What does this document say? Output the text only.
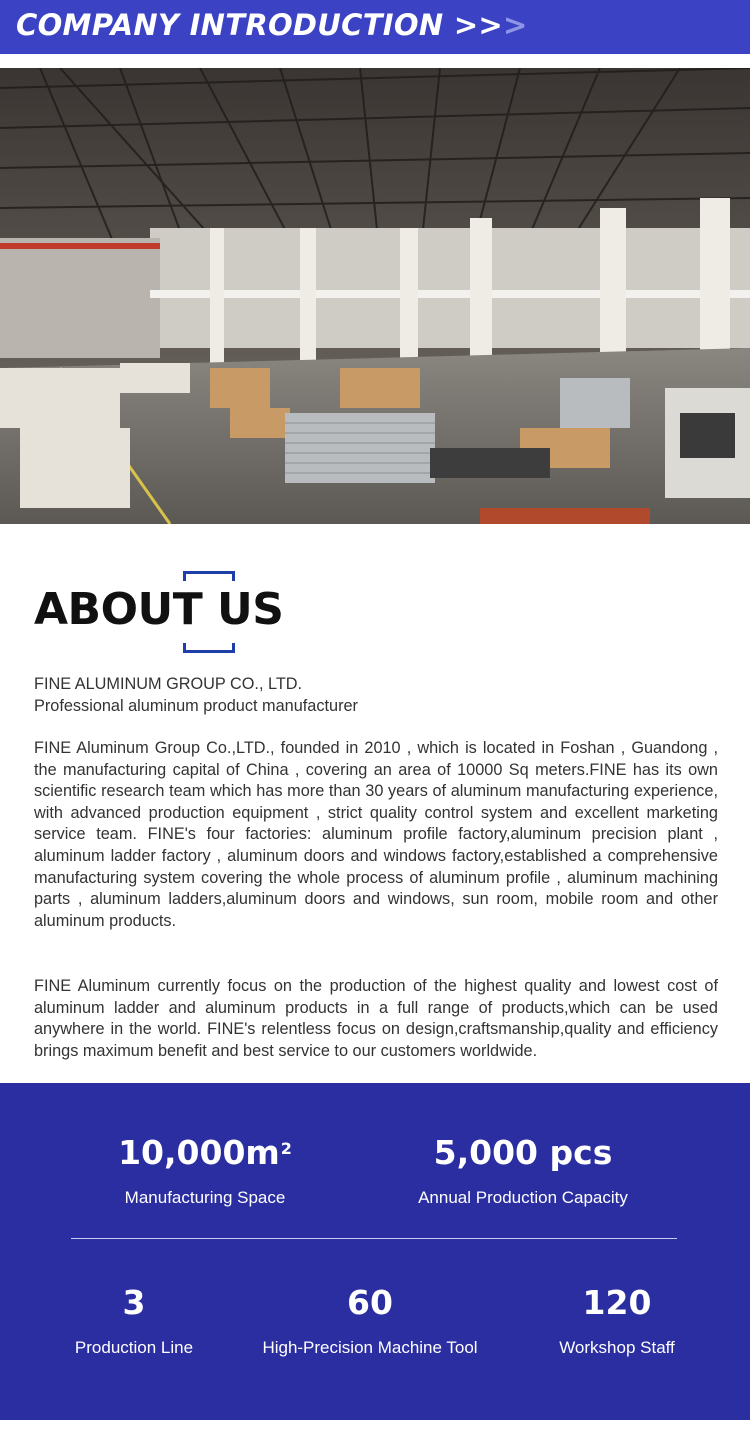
COMPANY INTRODUCTION >>>
ABOUT US
FINE ALUMINUM GROUP CO., LTD.
Professional aluminum product manufacturer
FINE Aluminum Group Co.,LTD., founded in 2010 , which is located in Foshan , Guandong , the manufacturing capital of China , covering an area of 10000 Sq meters.FINE has its own scientific research team which has more than 30 years of aluminum manufacturing experience, with advanced production equipment , strict quality control system and excellent marketing service team. FINE's four factories: aluminum profile factory,aluminum precision plant , aluminum ladder factory , aluminum doors and windows factory,established a comprehensive manufacturing system covering the whole process of aluminum profile , aluminum machining parts , aluminum ladders,aluminum doors and windows, sun room, mobile room and other aluminum products.
FINE Aluminum currently focus on the production of the highest quality and lowest cost of aluminum ladder and aluminum products in a full range of products,which can be used anywhere in the world. FINE's relentless focus on design,craftsmanship,quality and efficiency brings maximum benefit and best service to our customers worldwide.
$10,000m^2$
Manufacturing Space
5,000 pcs
Annual Production Capacity
3
Production Line
60
High-Precision Machine Tool
120
Workshop Staff
